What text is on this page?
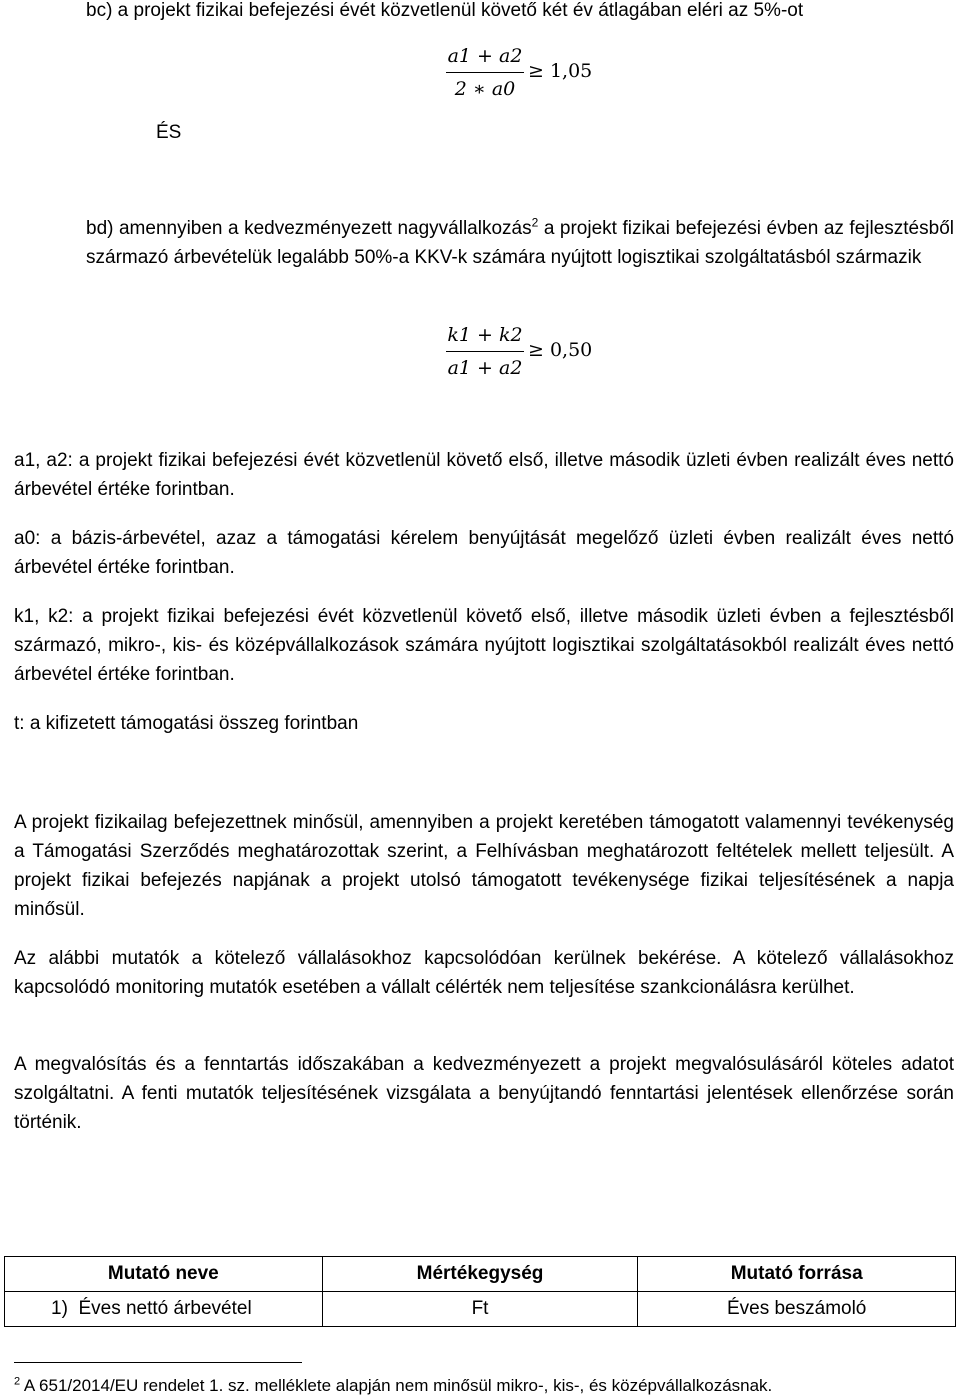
bc) a projekt fizikai befejezési évét közvetlenül követő két év átlagában eléri az 5%-ot
a1 + a2
2 ∗ a0
≥ 1,05
ÉS
bd) amennyiben a kedvezményezett nagyvállalkozás$^2$ a projekt fizikai befejezési évben az fejlesztésből származó árbevételük legalább 50%-a KKV-k számára nyújtott logisztikai szolgáltatásból származik
k1 + k2
a1 + a2
≥ 0,50
a1, a2: a projekt fizikai befejezési évét közvetlenül követő első, illetve második üzleti évben realizált éves nettó árbevétel értéke forintban.
a0: a bázis-árbevétel, azaz a támogatási kérelem benyújtását megelőző üzleti évben realizált éves nettó árbevétel értéke forintban.
k1, k2: a projekt fizikai befejezési évét közvetlenül követő első, illetve második üzleti évben a fejlesztésből származó, mikro-, kis- és középvállalkozások számára nyújtott logisztikai szolgáltatásokból realizált éves nettó árbevétel értéke forintban.
t: a kifizetett támogatási összeg forintban
A projekt fizikailag befejezettnek minősül, amennyiben a projekt keretében támogatott valamennyi tevékenység a Támogatási Szerződés meghatározottak szerint, a Felhívásban meghatározott feltételek mellett teljesült. A projekt fizikai befejezés napjának a projekt utolsó támogatott tevékenysége fizikai teljesítésének a napja minősül.
Az alábbi mutatók a kötelező vállalásokhoz kapcsolódóan kerülnek bekérése. A kötelező vállalásokhoz kapcsolódó monitoring mutatók esetében a vállalt célérték nem teljesítése szankcionálásra kerülhet.
A megvalósítás és a fenntartás időszakában a kedvezményezett a projekt megvalósulásáról köteles adatot szolgáltatni. A fenti mutatók teljesítésének vizsgálata a benyújtandó fenntartási jelentések ellenőrzése során történik.
Mutató neve	Mértékegység	Mutató forrása
1) Éves nettó árbevétel	Ft	Éves beszámoló
$^2$ A 651/2014/EU rendelet 1. sz. melléklete alapján nem minősül mikro-, kis-, és középvállalkozásnak.
